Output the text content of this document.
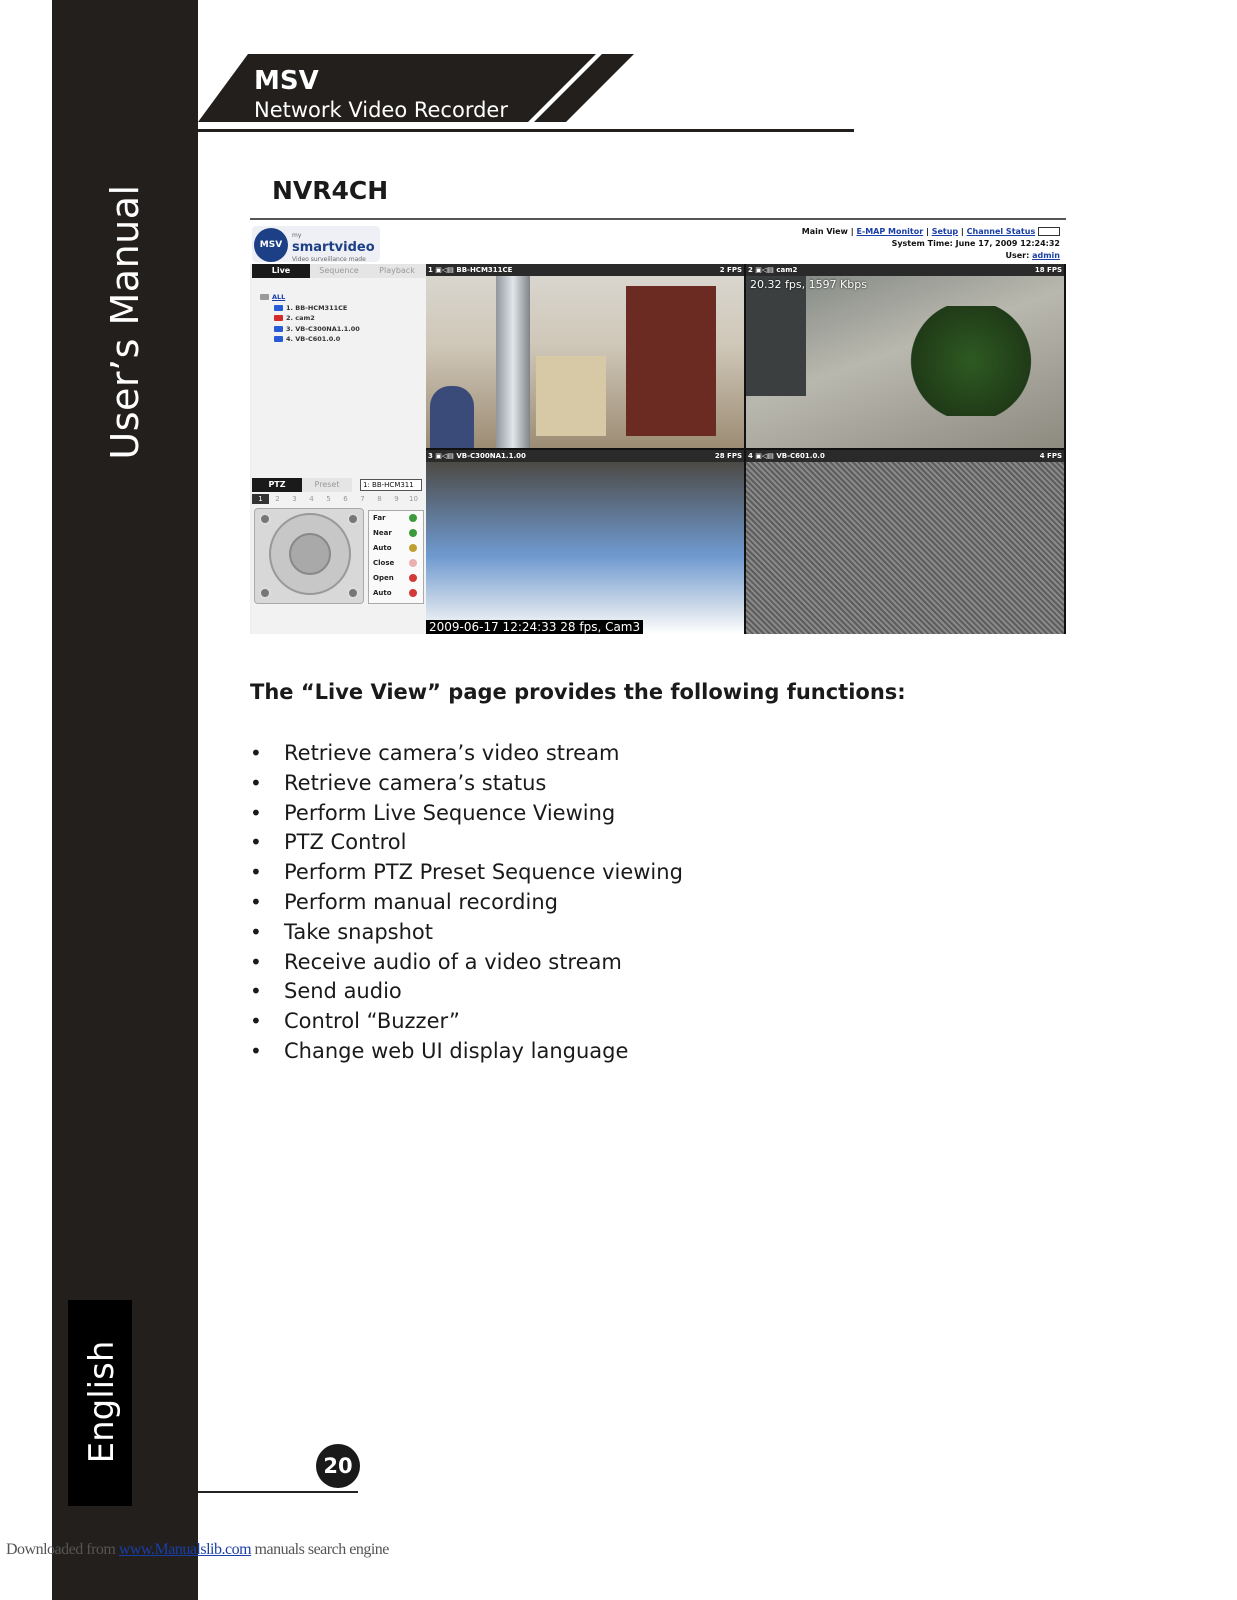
User’s Manual
English
MSV
Network Video Recorder
NVR4CH
MSV
my
smartvideo
Video surveillance made
Main View | E-MAP Monitor | Setup | Channel Status
System Time: June 17, 2009 12:24:32
User: admin
Live	Sequence	Playback
ALL
1. BB-HCM311CE
2. cam2
3. VB-C300NA1.1.00
4. VB-C601.0.0
PTZ	Preset	1: BB-HCM311
1	2	3	4	5	6	7	8	9	10
Far
Near
Auto
Close
Open
Auto
1 ▣◁▤ BB-HCM311CE	2 FPS 2 ▣◁▤ cam2	18 FPS
20.32 fps, 1597 Kbps
3 ▣◁▤ VB-C300NA1.1.00	28 FPS
2009-06-17 12:24:33 28 fps, Cam3
4 ▣◁▤ VB-C601.0.0	4 FPS
The “Live View” page provides the following functions:
• Retrieve camera’s video stream
• Retrieve camera’s status
• Perform Live Sequence Viewing
• PTZ Control
• Perform PTZ Preset Sequence viewing
• Perform manual recording
• Take snapshot
• Receive audio of a video stream
• Send audio
• Control “Buzzer”
• Change web UI display language
20
Downloaded from www.Manualslib.com manuals search engine
